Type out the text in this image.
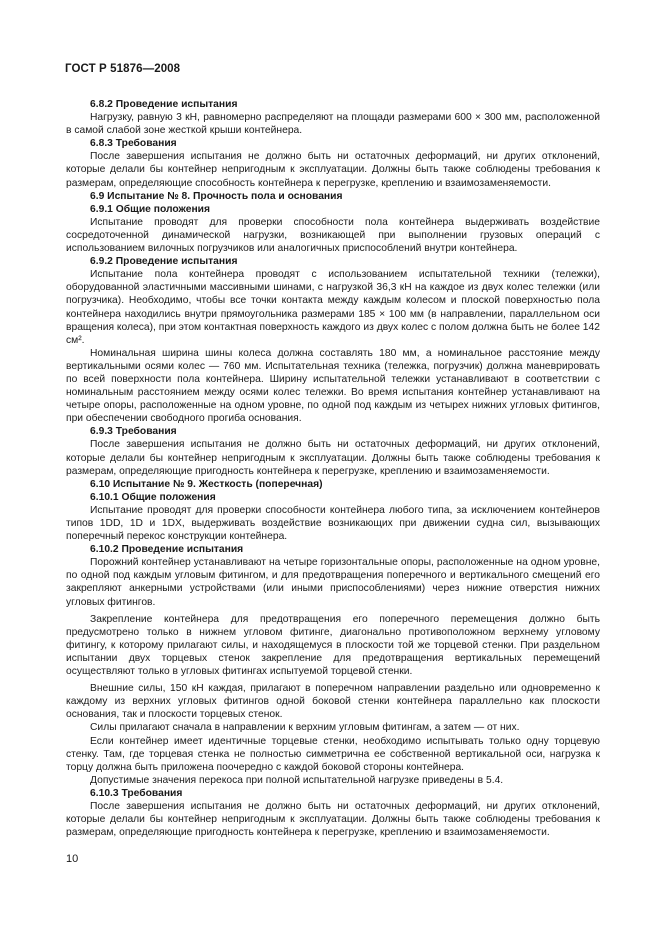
ГОСТ Р 51876—2008
6.8.2 Проведение испытания

Нагрузку, равную 3 кН, равномерно распределяют на площади размерами 600 × 300 мм, расположенной в самой слабой зоне жесткой крыши контейнера.

6.8.3 Требования

После завершения испытания не должно быть ни остаточных деформаций, ни других отклонений, которые делали бы контейнер непригодным к эксплуатации. Должны быть также соблюдены требования к размерам, определяющие способность контейнера к перегрузке, креплению и взаимозаменяемости.

6.9 Испытание № 8. Прочность пола и основания
6.9.1 Общие положения

Испытание проводят для проверки способности пола контейнера выдерживать воздействие сосредоточенной динамической нагрузки, возникающей при выполнении грузовых операций с использованием вилочных погрузчиков или аналогичных приспособлений внутри контейнера.

6.9.2 Проведение испытания

Испытание пола контейнера проводят с использованием испытательной техники (тележки), оборудованной эластичными массивными шинами, с нагрузкой 36,3 кН на каждое из двух колес тележки (или погрузчика). Необходимо, чтобы все точки контакта между каждым колесом и плоской поверхностью пола контейнера находились внутри прямоугольника размерами 185 × 100 мм (в направлении, параллельном оси вращения колеса), при этом контактная поверхность каждого из двух колес с полом должна быть не более 142 см².

Номинальная ширина шины колеса должна составлять 180 мм, а номинальное расстояние между вертикальными осями колес — 760 мм. Испытательная техника (тележка, погрузчик) должна маневрировать по всей поверхности пола контейнера. Ширину испытательной тележки устанавливают в соответствии с номинальным расстоянием между осями колес тележки. Во время испытания контейнер устанавливают на четыре опоры, расположенные на одном уровне, по одной под каждым из четырех нижних угловых фитингов, при обеспечении свободного прогиба основания.

6.9.3 Требования

После завершения испытания не должно быть ни остаточных деформаций, ни других отклонений, которые делали бы контейнер непригодным к эксплуатации. Должны быть также соблюдены требования к размерам, определяющие пригодность контейнера к перегрузке, креплению и взаимозаменяемости.

6.10 Испытание № 9. Жесткость (поперечная)
6.10.1 Общие положения

Испытание проводят для проверки способности контейнера любого типа, за исключением контейнеров типов 1DD, 1D и 1DX, выдерживать воздействие возникающих при движении судна сил, вызывающих поперечный перекос конструкции контейнера.

6.10.2 Проведение испытания

Порожний контейнер устанавливают на четыре горизонтальные опоры, расположенные на одном уровне, по одной под каждым угловым фитингом, и для предотвращения поперечного и вертикального смещений его закрепляют анкерными устройствами (или иными приспособлениями) через нижние отверстия нижних угловых фитингов.

Закрепление контейнера для предотвращения его поперечного перемещения должно быть предусмотрено только в нижнем угловом фитинге, диагонально противоположном верхнему угловому фитингу, к которому прилагают силы, и находящемуся в плоскости той же торцевой стенки. При раздельном испытании двух торцевых стенок закрепление для предотвращения вертикальных перемещений осуществляют только в угловых фитингах испытуемой торцевой стенки.

Внешние силы, 150 кН каждая, прилагают в поперечном направлении раздельно или одновременно к каждому из верхних угловых фитингов одной боковой стенки контейнера параллельно как плоскости основания, так и плоскости торцевых стенок.

Силы прилагают сначала в направлении к верхним угловым фитингам, а затем — от них.

Если контейнер имеет идентичные торцевые стенки, необходимо испытывать только одну торцевую стенку. Там, где торцевая стенка не полностью симметрична ее собственной вертикальной оси, нагрузка к торцу должна быть приложена поочередно с каждой боковой стороны контейнера.

Допустимые значения перекоса при полной испытательной нагрузке приведены в 5.4.

6.10.3 Требования

После завершения испытания не должно быть ни остаточных деформаций, ни других отклонений, которые делали бы контейнер непригодным к эксплуатации. Должны быть также соблюдены требования к размерам, определяющие пригодность контейнера к перегрузке, креплению и взаимозаменяемости.

10
